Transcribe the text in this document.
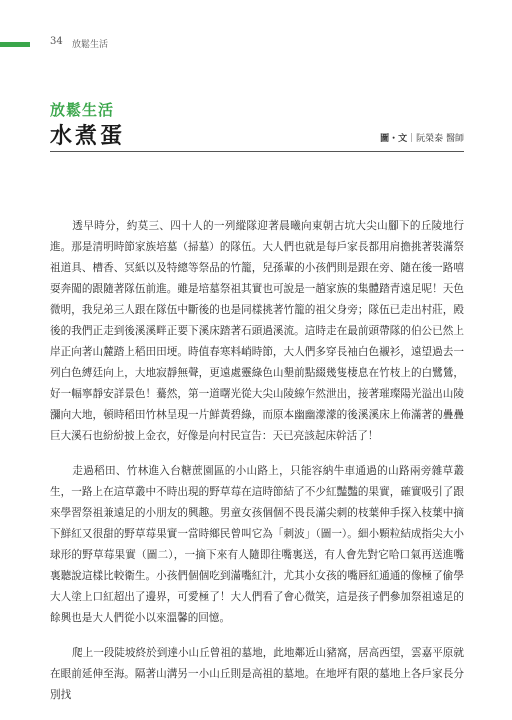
34 放鬆生活
放鬆生活
水煮蛋	圖・文｜阮榮泰 醫師

透早時分，約莫三、四十人的一列縱隊迎著晨曦向東朝古坑大尖山腳下的丘陵地行進。那是清明時節家族培墓（掃墓）的隊伍。大人們也就是每戶家長都用肩擔挑著裝滿祭祖道具、槽香、冥紙以及特總等祭品的竹籠，兒孫輩的小孩們則是跟在旁、隨在後一路嘻耍奔闖的跟隨著隊伍前進。雖是培墓祭祖其實也可說是一趟家族的集體踏青遠足呢！天色微明，我兒弟三人跟在隊伍中斷後的也是同樣挑著竹籠的祖父身旁；隊伍已走出村莊，殿後的我們正走到後溪溪畔正要下溪床踏著石頭過溪流。這時走在最前頭帶隊的伯公已然上岸正向著山麓踏上稻田田埂。時值春寒料峭時節，大人們多穿長袖白色襯衫，遠望過去一列白色縛廷向上，大地寂靜無聲，更遠處靈綠色山墾前點綴幾隻棲息在竹枝上的白鷺鷥，好一幅寧靜安詳景色！驀然，第一道曙光從大尖山陵線乍然泄出，接著璀璨陽光溢出山陵瀰向大地，頓時稻田竹林呈現一片鮮黃碧綠，而原本幽幽濛濛的後溪溪床上佈滿著的疊疊巨大溪石也紛紛披上金衣，好像是向村民宣告：天已亮該起床幹活了！

走過稻田、竹林進入台糖蔗園區的小山路上，只能容納牛車通過的山路兩旁雜草叢生，一路上在這草叢中不時出現的野草莓在這時節結了不少紅豔豔的果實，確實吸引了跟來學習祭祖兼遠足的小朋友的興趣。男童女孩個個不畏長滿尖刺的枝葉伸手探入枝葉中摘下鮮紅又很甜的野草莓果實一當時鄉民曾叫它為「刺波」（圖一）。細小顆粒結成指尖大小球形的野草莓果實（圖二），一摘下來有人隨即往嘴裏送，有人會先對它哈口氣再送進嘴裏聽說這樣比較衛生。小孩們個個吃到滿嘴紅汁，尤其小女孩的嘴唇紅通通的像極了偷學大人塗上口紅超出了邊界，可愛極了！大人們看了會心微笑，這是孩子們參加祭祖遠足的餘興也是大人們從小以來溫馨的回憶。

爬上一段陡坡終於到達小山丘曾祖的墓地，此地鄰近山豬窩，居高西望，雲嘉平原就在眼前延伸至海。隔著山溝另一小山丘則是高祖的墓地。在地坪有限的墓地上各戶家長分別找
